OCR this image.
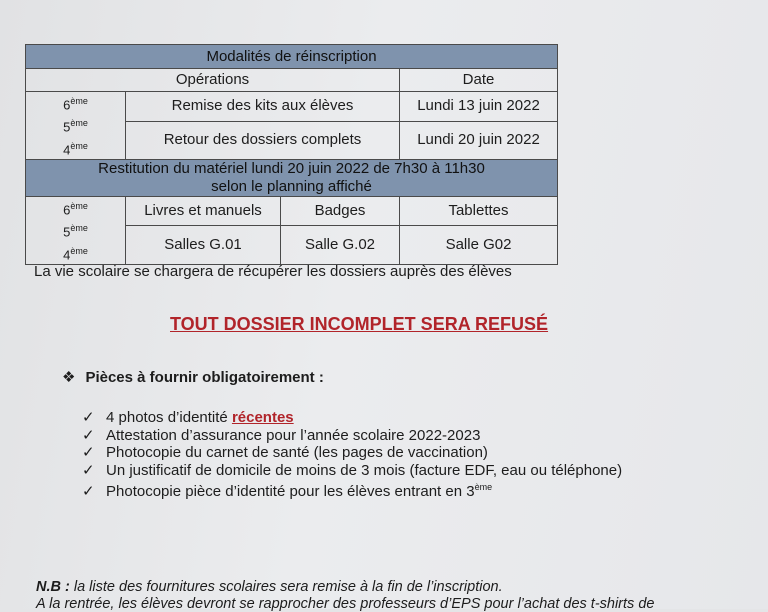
Modalités de réinscription			
Opérations			Date
6ème
5ème
4ème	Remise des kits aux élèves		Lundi 13 juin 2022
	Retour des dossiers complets		Lundi 20 juin 2022
Restitution du matériel lundi 20 juin 2022 de 7h30 à 11h30
selon le planning affiché			
6ème
5ème
4ème	Livres et manuels	Badges	Tablettes
	Salles G.01	Salle G.02	Salle G02

La vie scolaire se chargera de récupérer les dossiers auprès des élèves

TOUT DOSSIER INCOMPLET SERA REFUSÉ

❖ Pièces à fournir obligatoirement :

✓ 4 photos d’identité récentes
✓ Attestation d’assurance pour l’année scolaire 2022-2023
✓ Photocopie du carnet de santé (les pages de vaccination)
✓ Un justificatif de domicile de moins de 3 mois (facture EDF, eau ou téléphone)
✓ Photocopie pièce d’identité pour les élèves entrant en 3ème

N.B : la liste des fournitures scolaires sera remise à la fin de l’inscription.

A la rentrée, les élèves devront se rapprocher des professeurs d’EPS pour l’achat des t-shirts de
